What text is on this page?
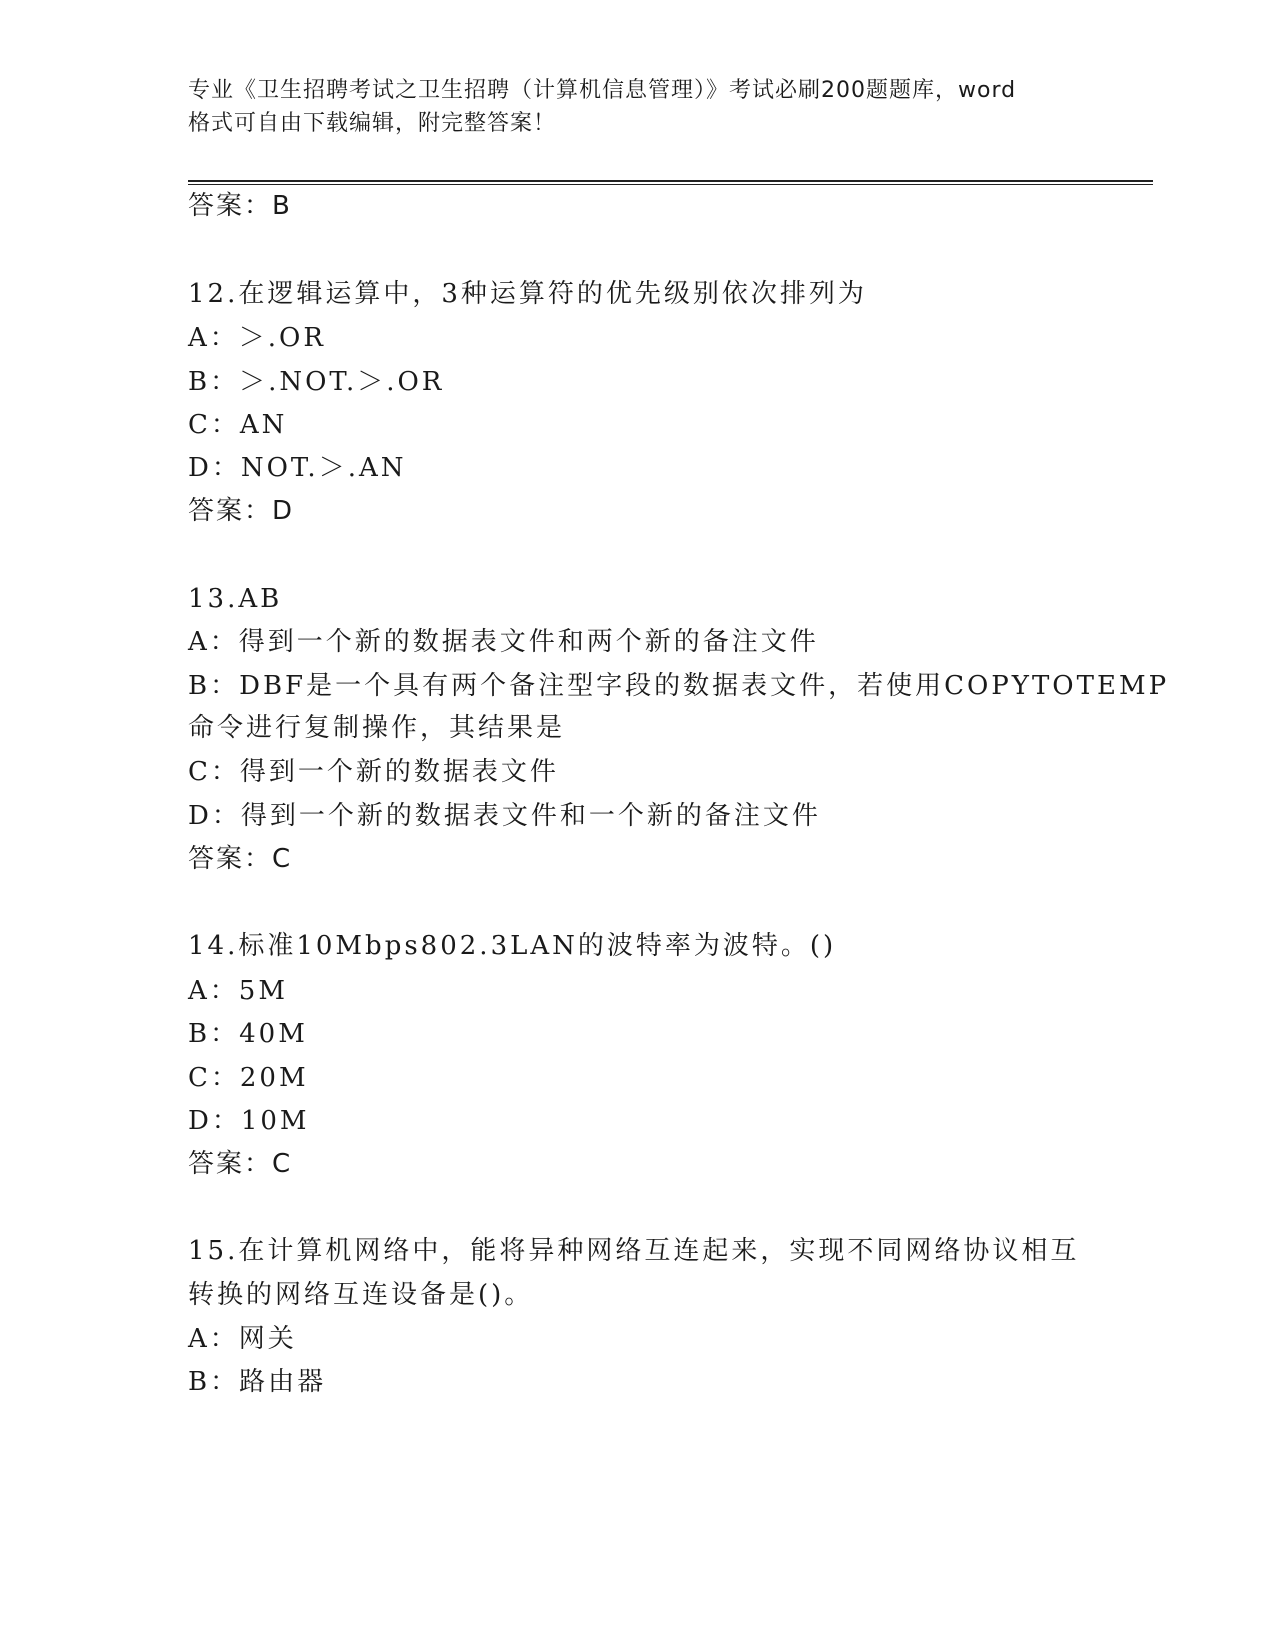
专业《卫生招聘考试之卫生招聘（计算机信息管理）》考试必刷200题题库，word
格式可自由下载编辑，附完整答案！
答案：B
12.在逻辑运算中，3种运算符的优先级别依次排列为
A：＞.OR
B：＞.NOT.＞.OR
C：AN
D：NOT.＞.AN
答案：D
13.AB
A：得到一个新的数据表文件和两个新的备注文件
B：DBF是一个具有两个备注型字段的数据表文件，若使用COPYTOTEMP
命令进行复制操作，其结果是
C：得到一个新的数据表文件
D：得到一个新的数据表文件和一个新的备注文件
答案：C
14.标准10Mbps802.3LAN的波特率为波特。()
A：5M
B：40M
C：20M
D：10M
答案：C
15.在计算机网络中，能将异种网络互连起来，实现不同网络协议相互
转换的网络互连设备是()。
A：网关
B：路由器
